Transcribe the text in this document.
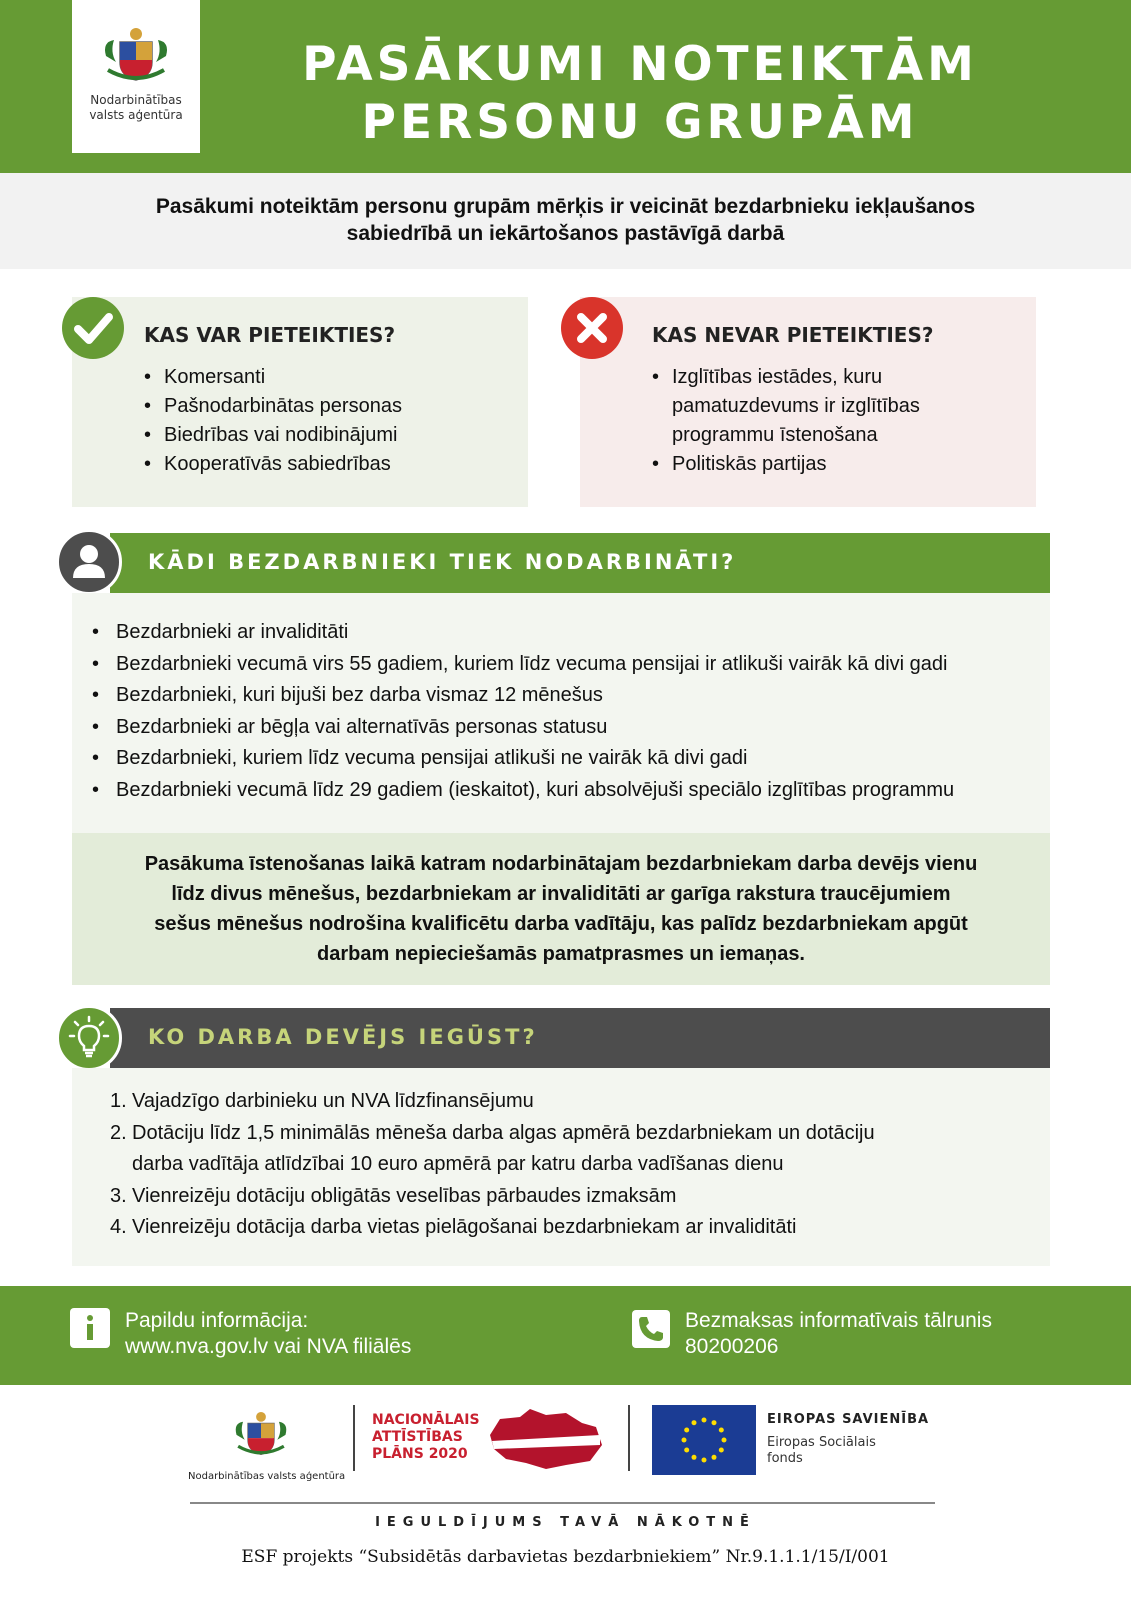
Nodarbinātības
valsts aģentūra
PASĀKUMI NOTEIKTĀM
PERSONU GRUPĀM
Pasākumi noteiktām personu grupām mērķis ir veicināt bezdarbnieku iekļaušanos
sabiedrībā un iekārtošanos pastāvīgā darbā
KAS VAR PIETEIKTIES?
• Komersanti
• Pašnodarbinātas personas
• Biedrības vai nodibinājumi
• Kooperatīvās sabiedrības
KAS NEVAR PIETEIKTIES?
• Izglītības iestādes, kuru
pamatuzdevums ir izglītības
programmu īstenošana
• Politiskās partijas
KĀDI BEZDARBNIEKI TIEK NODARBINĀTI?
• Bezdarbnieki ar invaliditāti
• Bezdarbnieki vecumā virs 55 gadiem, kuriem līdz vecuma pensijai ir atlikuši vairāk kā divi gadi
• Bezdarbnieki, kuri bijuši bez darba vismaz 12 mēnešus
• Bezdarbnieki ar bēgļa vai alternatīvās personas statusu
• Bezdarbnieki, kuriem līdz vecuma pensijai atlikuši ne vairāk kā divi gadi
• Bezdarbnieki vecumā līdz 29 gadiem (ieskaitot), kuri absolvējuši speciālo izglītības programmu
Pasākuma īstenošanas laikā katram nodarbinātajam bezdarbniekam darba devējs vienu
līdz divus mēnešus, bezdarbniekam ar invaliditāti ar garīga rakstura traucējumiem
sešus mēnešus nodrošina kvalificētu darba vadītāju, kas palīdz bezdarbniekam apgūt
darbam nepieciešamās pamatprasmes un iemaņas.
KO DARBA DEVĒJS IEGŪST?
1. Vajadzīgo darbinieku un NVA līdzfinansējumu
2. Dotāciju līdz 1,5 minimālās mēneša darba algas apmērā bezdarbniekam un dotāciju
darba vadītāja atlīdzībai 10 euro apmērā par katru darba vadīšanas dienu
3. Vienreizēju dotāciju obligātās veselības pārbaudes izmaksām
4. Vienreizēju dotācija darba vietas pielāgošanai bezdarbniekam ar invaliditāti
Papildu informācija:
www.nva.gov.lv vai NVA filiālēs
Bezmaksas informatīvais tālrunis
80200206
Nodarbinātības valsts aģentūra
NACIONĀLAIS
ATTĪSTĪBAS
PLĀNS 2020
EIROPAS SAVIENĪBA
Eiropas Sociālais
fonds
IEGULDĪJUMS TAVĀ NĀKOTNĒ
ESF projekts “Subsidētās darbavietas bezdarbniekiem” Nr.9.1.1.1/15/I/001
